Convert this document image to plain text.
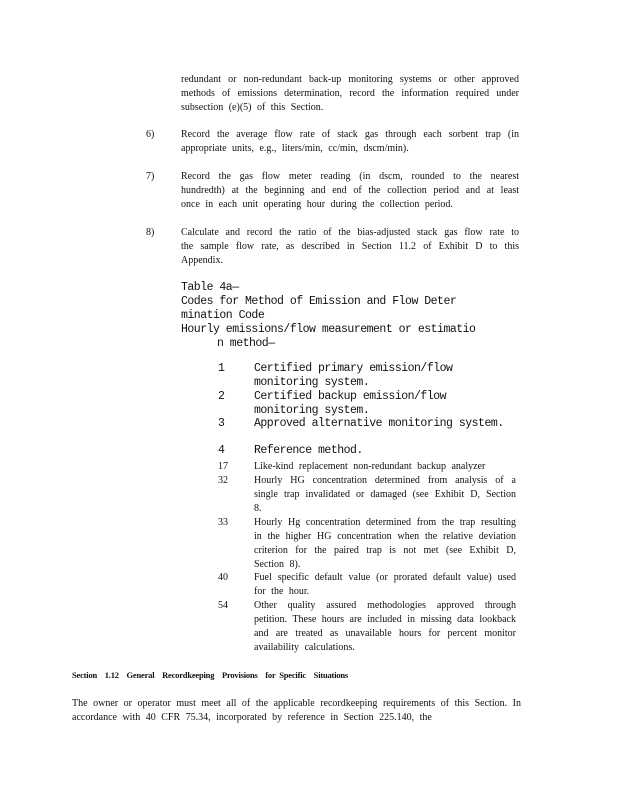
redundant or non-redundant back-up monitoring systems or other approved methods of emissions determination, record the information required under subsection (e)(5) of this Section.
6)	Record the average flow rate of stack gas through each sorbent trap (in appropriate units, e.g., liters/min, cc/min, dscm/min).
7)	Record the gas flow meter reading (in dscm, rounded to the nearest hundredth) at the beginning and end of the collection period and at least once in each unit operating hour during the collection period.
8)	Calculate and record the ratio of the bias-adjusted stack gas flow rate to the sample flow rate, as described in Section 11.2 of Exhibit D to this Appendix.
Table 4a—
Codes for Method of Emission and Flow Deter
mination Code
Hourly emissions/flow measurement or estimatio
n method—
1	Certified primary emission/flow monitoring system.
2	Certified backup emission/flow monitoring system.
3	Approved alternative monitoring system.
4	Reference method.
17	Like-kind replacement non-redundant backup analyzer
32	Hourly HG concentration determined from analysis of a single trap invalidated or damaged (see Exhibit D, Section 8.
33	Hourly Hg concentration determined from the trap resulting in the higher HG concentration when the relative deviation criterion for the paired trap is not met (see Exhibit D, Section 8).
40	Fuel specific default value (or prorated default value) used for the hour.
54	Other quality assured methodologies approved through petition. These hours are included in missing data lookback and are treated as unavailable hours for percent monitor availability calculations.
Section    1.12    General    Recordkeeping    Provisions    for  Specific    Situations
The owner or operator must meet all of the applicable recordkeeping requirements of this Section. In accordance with 40 CFR 75.34, incorporated by reference in Section 225.140, the
